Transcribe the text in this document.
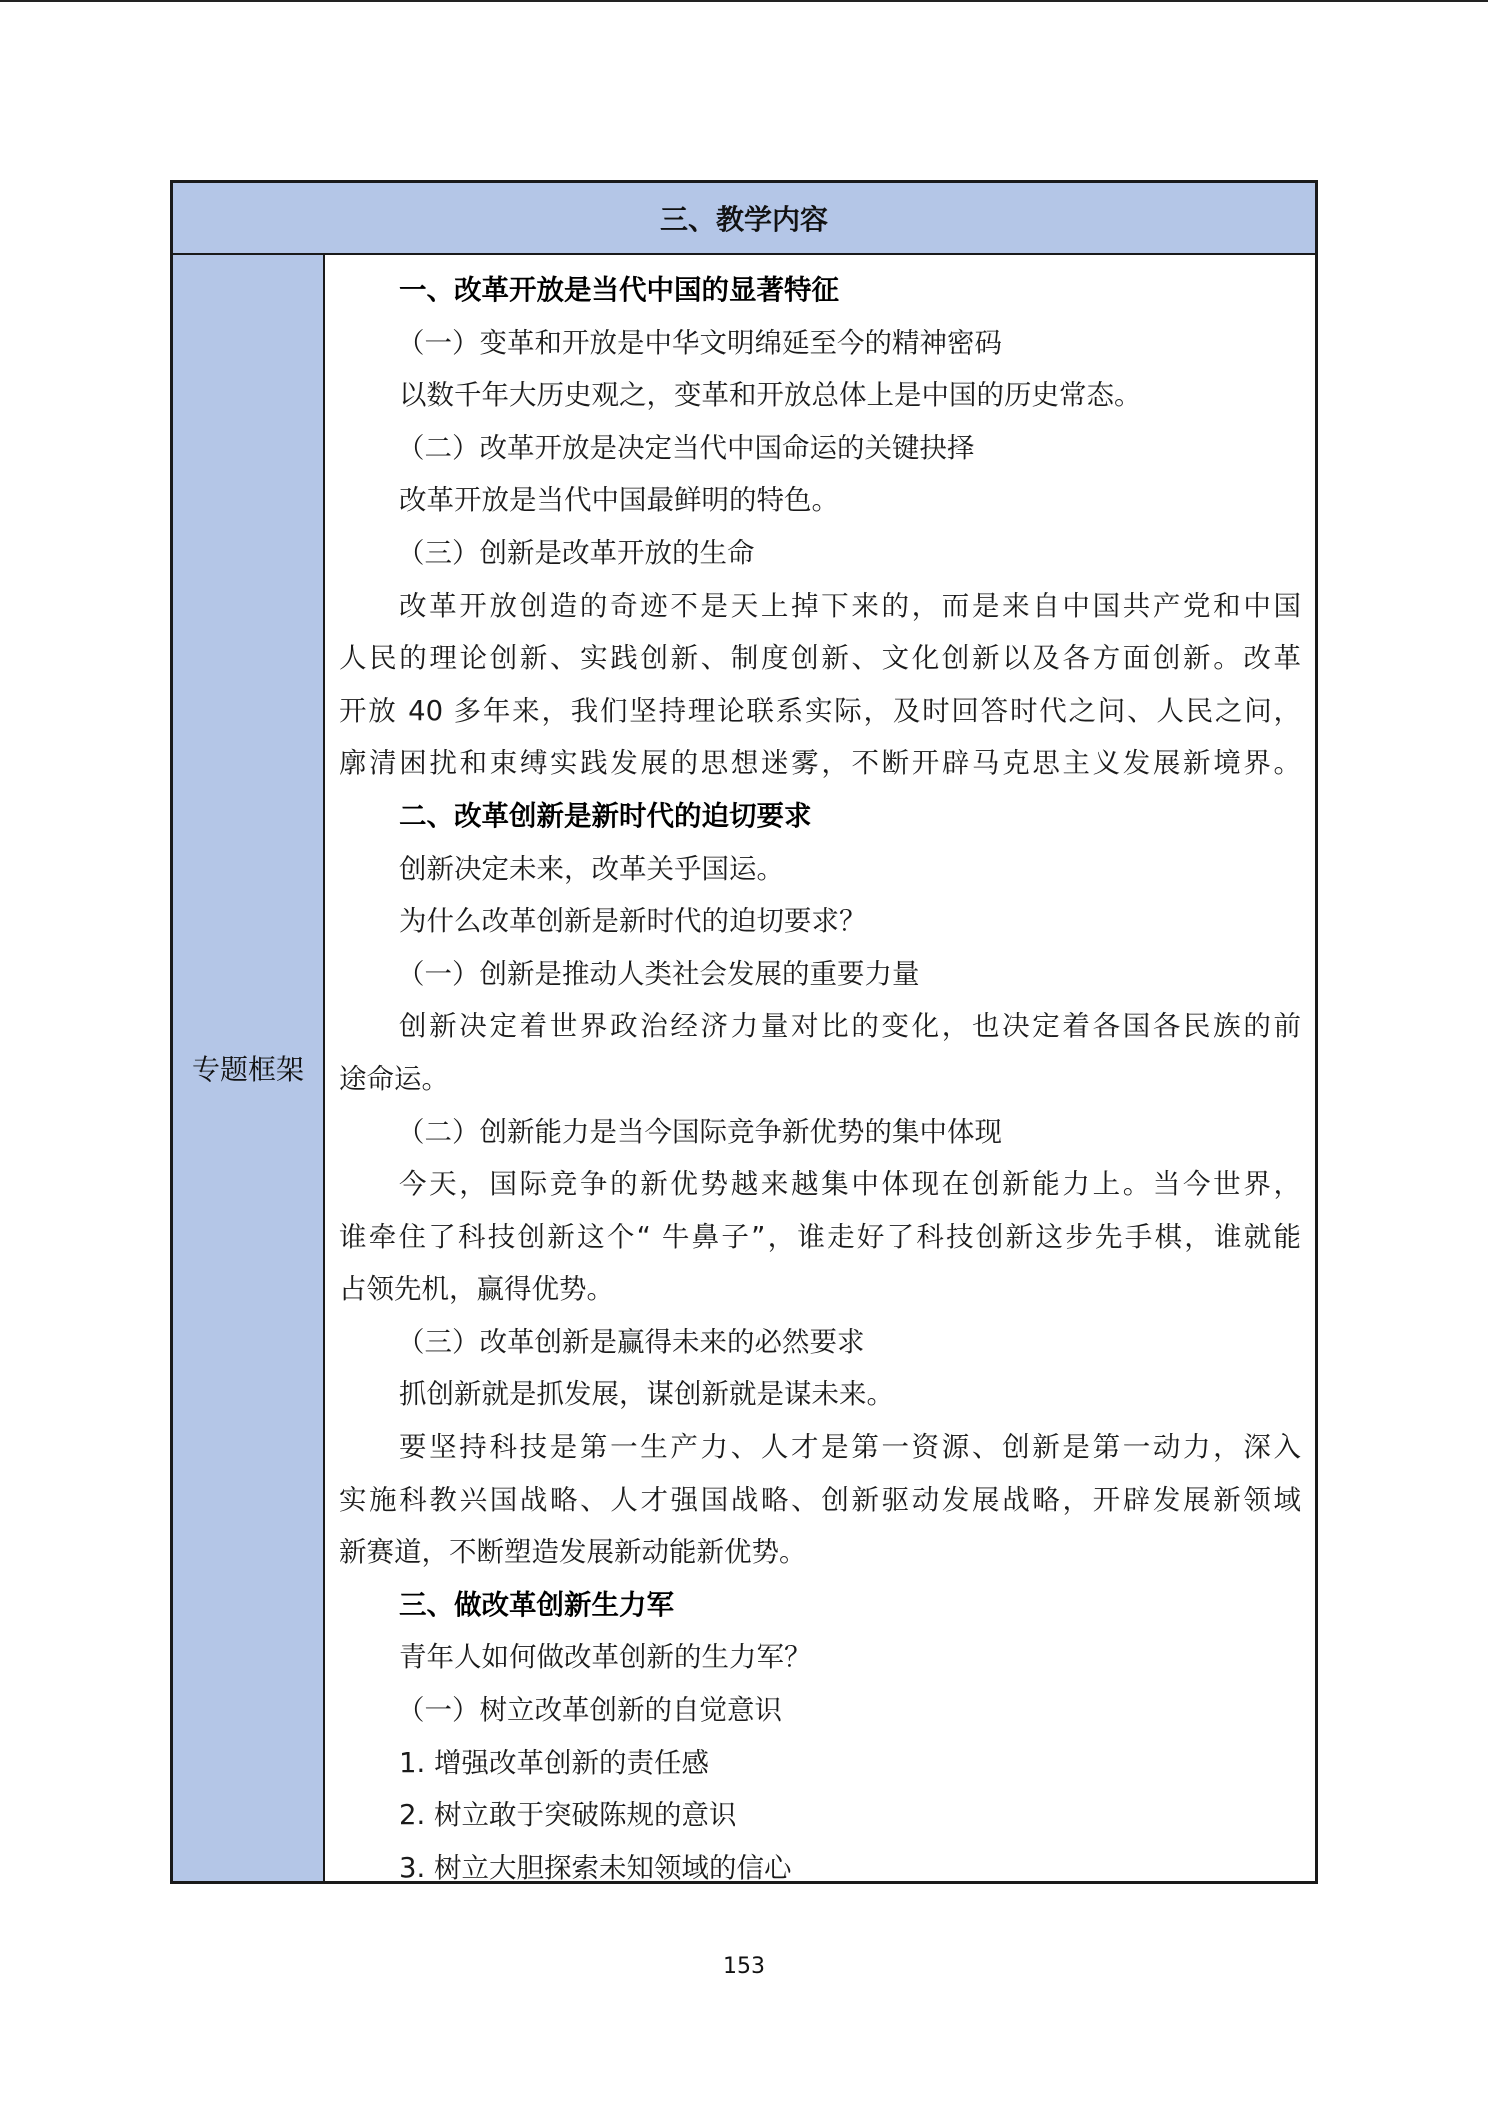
三、教学内容
专题框架

一、改革开放是当代中国的显著特征

（一）变革和开放是中华文明绵延至今的精神密码

以数千年大历史观之，变革和开放总体上是中国的历史常态。

（二）改革开放是决定当代中国命运的关键抉择

改革开放是当代中国最鲜明的特色。

（三）创新是改革开放的生命

改革开放创造的奇迹不是天上掉下来的，而是来自中国共产党和中国

人民的理论创新、实践创新、制度创新、文化创新以及各方面创新。改革

开放 40 多年来，我们坚持理论联系实际，及时回答时代之问、人民之问，

廓清困扰和束缚实践发展的思想迷雾，不断开辟马克思主义发展新境界。

二、改革创新是新时代的迫切要求

创新决定未来，改革关乎国运。

为什么改革创新是新时代的迫切要求？

（一）创新是推动人类社会发展的重要力量

创新决定着世界政治经济力量对比的变化，也决定着各国各民族的前

途命运。

（二）创新能力是当今国际竞争新优势的集中体现

今天，国际竞争的新优势越来越集中体现在创新能力上。当今世界，

谁牵住了科技创新这个“ 牛鼻子”，谁走好了科技创新这步先手棋，谁就能

占领先机，赢得优势。

（三）改革创新是赢得未来的必然要求

抓创新就是抓发展，谋创新就是谋未来。

要坚持科技是第一生产力、人才是第一资源、创新是第一动力，深入

实施科教兴国战略、人才强国战略、创新驱动发展战略，开辟发展新领域

新赛道，不断塑造发展新动能新优势。

三、做改革创新生力军

青年人如何做改革创新的生力军？

（一）树立改革创新的自觉意识

1. 增强改革创新的责任感

2. 树立敢于突破陈规的意识

3. 树立大胆探索未知领域的信心

153
